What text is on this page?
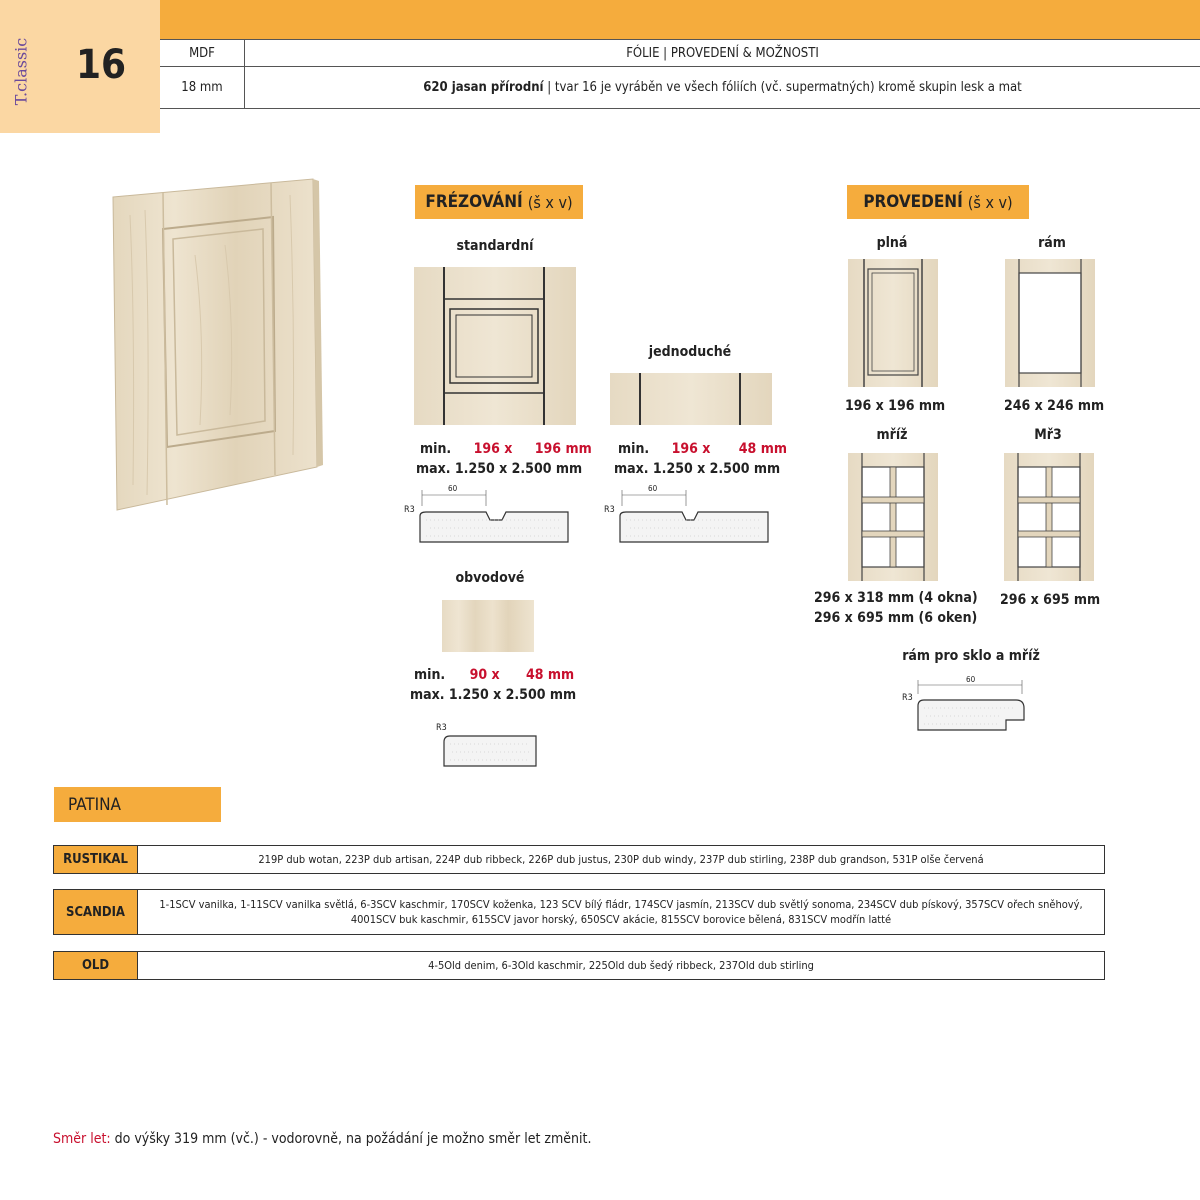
T.classic 16	MDF	FÓLIE | PROVEDENÍ & MOŽNOSTI
18 mm	620 jasan přírodní | tvar 16 je vyráběn ve všech fóliích (vč. supermatných) kromě skupin lesk a mat
FRÉZOVÁNÍ (š x v)
standardní
min. 196 x 196 mm
max. 1.250 x 2.500 mm
R3
60
jednoduché
min. 196 x 48 mm
max. 1.250 x 2.500 mm
R3
60
obvodové
min. 90 x 48 mm
max. 1.250 x 2.500 mm
R3
PROVEDENÍ (š x v)
plná
196 x 196 mm
rám
246 x 246 mm
mříž
296 x 318 mm (4 okna)
296 x 695 mm (6 oken)
Mř3
296 x 695 mm
rám pro sklo a mříž
R3
60
PATINA
RUSTIKAL	219P dub wotan, 223P dub artisan, 224P dub ribbeck, 226P dub justus, 230P dub windy, 237P dub stirling, 238P dub grandson, 531P olše červená
SCANDIA	1-1SCV vanilka, 1-11SCV vanilka světlá, 6-3SCV kaschmir, 170SCV koženka, 123 SCV bílý fládr, 174SCV jasmín, 213SCV dub světlý sonoma, 234SCV dub pískový, 357SCV ořech sněhový, 4001SCV buk kaschmir, 615SCV javor horský, 650SCV akácie, 815SCV borovice bělená, 831SCV modřín latté
OLD	4-5Old denim, 6-3Old kaschmir, 225Old dub šedý ribbeck, 237Old dub stirling
Směr let: do výšky 319 mm (vč.) - vodorovně, na požádání je možno směr let změnit.
